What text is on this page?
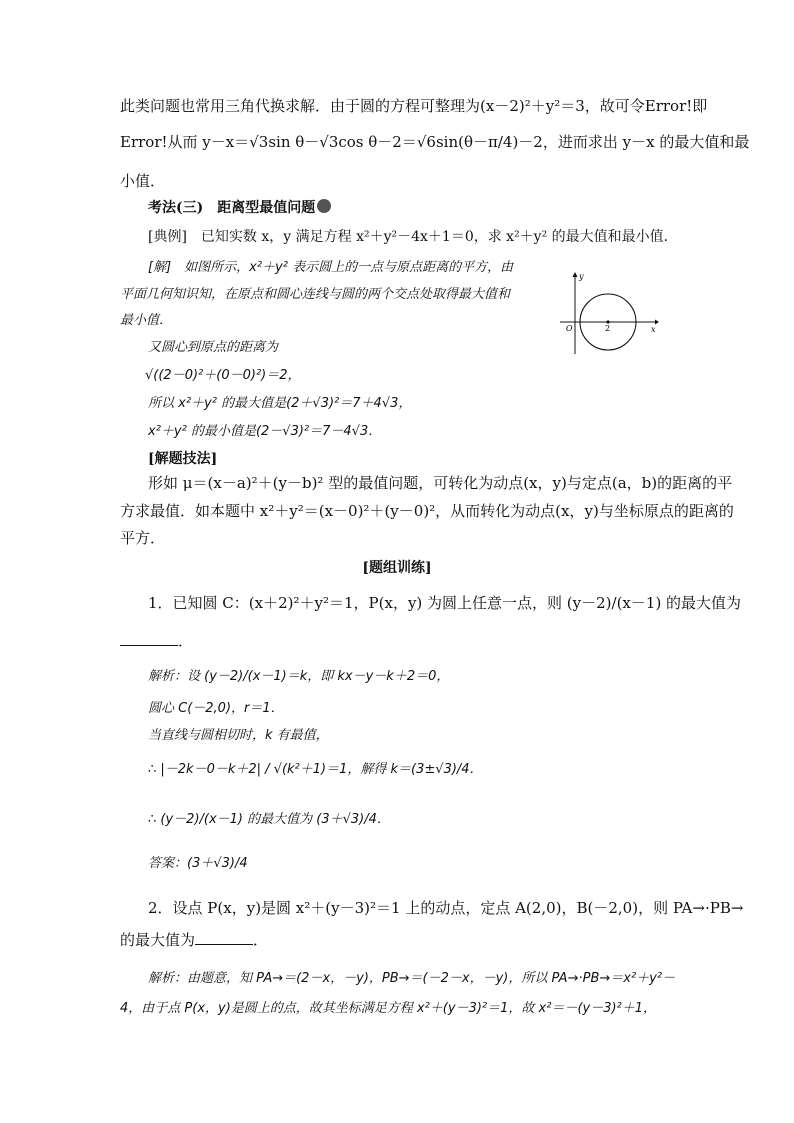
此类问题也常用三角代换求解．由于圆的方程可整理为(x－2)²＋y²＝3，故可令Error!即
Error!从而 y－x＝√3sin θ－√3cos θ－2＝√6sin(θ－π/4)－2，进而求出 y－x 的最大值和最
小值．
考法(三)　距离型最值问题
[典例]　已知实数 x，y 满足方程 x²＋y²－4x＋1＝0，求 x²＋y² 的最大值和最小值．
[解]　如图所示，x²＋y² 表示圆上的一点与原点距离的平方，由
平面几何知识知，在原点和圆心连线与圆的两个交点处取得最大值和
最小值．
又圆心到原点的距离为
√((2－0)²＋(0－0)²)＝2，
所以 x²＋y² 的最大值是(2＋√3)²＝7＋4√3，
x²＋y² 的最小值是(2－√3)²＝7－4√3．
y
x
O	2
[解题技法]
形如 μ＝(x－a)²＋(y－b)² 型的最值问题，可转化为动点(x，y)与定点(a，b)的距离的平
方求最值．如本题中 x²＋y²＝(x－0)²＋(y－0)²，从而转化为动点(x，y)与坐标原点的距离的
平方．
[题组训练]
1．已知圆 C：(x＋2)²＋y²＝1，P(x，y) 为圆上任意一点，则 (y－2)/(x－1) 的最大值为
．
解析：设 (y－2)/(x－1)＝k，即 kx－y－k＋2＝0，
圆心 C(－2,0)，r＝1．
当直线与圆相切时，k 有最值，
∴ |－2k－0－k＋2| / √(k²＋1)＝1，解得 k＝(3±√3)/4．
∴ (y－2)/(x－1) 的最大值为 (3＋√3)/4．
答案：(3＋√3)/4
2．设点 P(x，y)是圆 x²＋(y－3)²＝1 上的动点，定点 A(2,0)，B(－2,0)，则 PA→·PB→
的最大值为	．
解析：由题意，知 PA→＝(2－x，－y)，PB→＝(－2－x，－y)，所以 PA→·PB→＝x²＋y²－
4，由于点 P(x，y)是圆上的点，故其坐标满足方程 x²＋(y－3)²＝1，故 x²＝－(y－3)²＋1，
